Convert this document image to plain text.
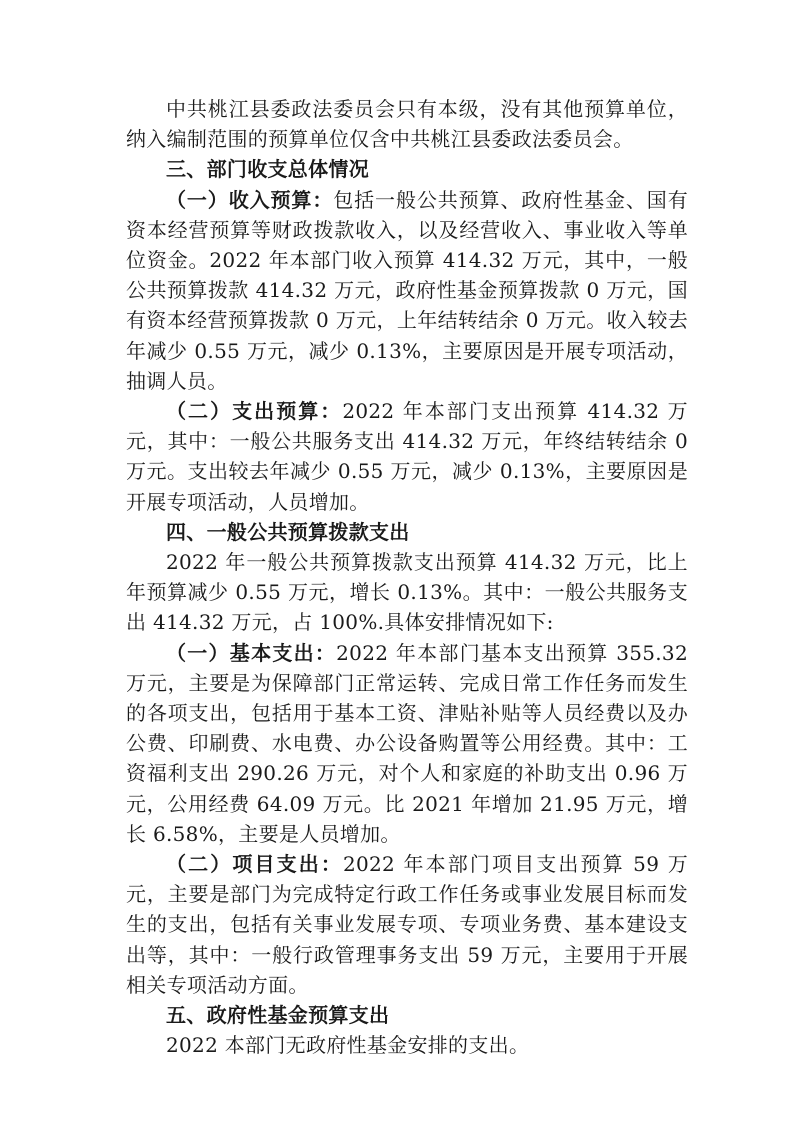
中共桃江县委政法委员会只有本级，没有其他预算单位，纳入编制范围的预算单位仅含中共桃江县委政法委员会。

三、部门收支总体情况

（一）收入预算：包括一般公共预算、政府性基金、国有资本经营预算等财政拨款收入，以及经营收入、事业收入等单位资金。2022 年本部门收入预算 414.32 万元，其中，一般公共预算拨款 414.32 万元，政府性基金预算拨款 0 万元，国有资本经营预算拨款 0 万元，上年结转结余 0 万元。收入较去年减少 0.55 万元，减少 0.13%，主要原因是开展专项活动，抽调人员。

（二）支出预算：2022 年本部门支出预算 414.32 万元，其中：一般公共服务支出 414.32 万元，年终结转结余 0 万元。支出较去年减少 0.55 万元，减少 0.13%，主要原因是开展专项活动，人员增加。

四、一般公共预算拨款支出

2022 年一般公共预算拨款支出预算 414.32 万元，比上年预算减少 0.55 万元，增长 0.13%。其中：一般公共服务支出 414.32 万元，占 100%.具体安排情况如下:

（一）基本支出：2022 年本部门基本支出预算 355.32 万元，主要是为保障部门正常运转、完成日常工作任务而发生的各项支出，包括用于基本工资、津贴补贴等人员经费以及办公费、印刷费、水电费、办公设备购置等公用经费。其中：工资福利支出 290.26 万元，对个人和家庭的补助支出 0.96 万元，公用经费 64.09 万元。比 2021 年增加 21.95 万元，增长 6.58%，主要是人员增加。

（二）项目支出：2022 年本部门项目支出预算 59 万元，主要是部门为完成特定行政工作任务或事业发展目标而发生的支出，包括有关事业发展专项、专项业务费、基本建设支出等，其中：一般行政管理事务支出 59 万元，主要用于开展相关专项活动方面。

五、政府性基金预算支出

2022 本部门无政府性基金安排的支出。
